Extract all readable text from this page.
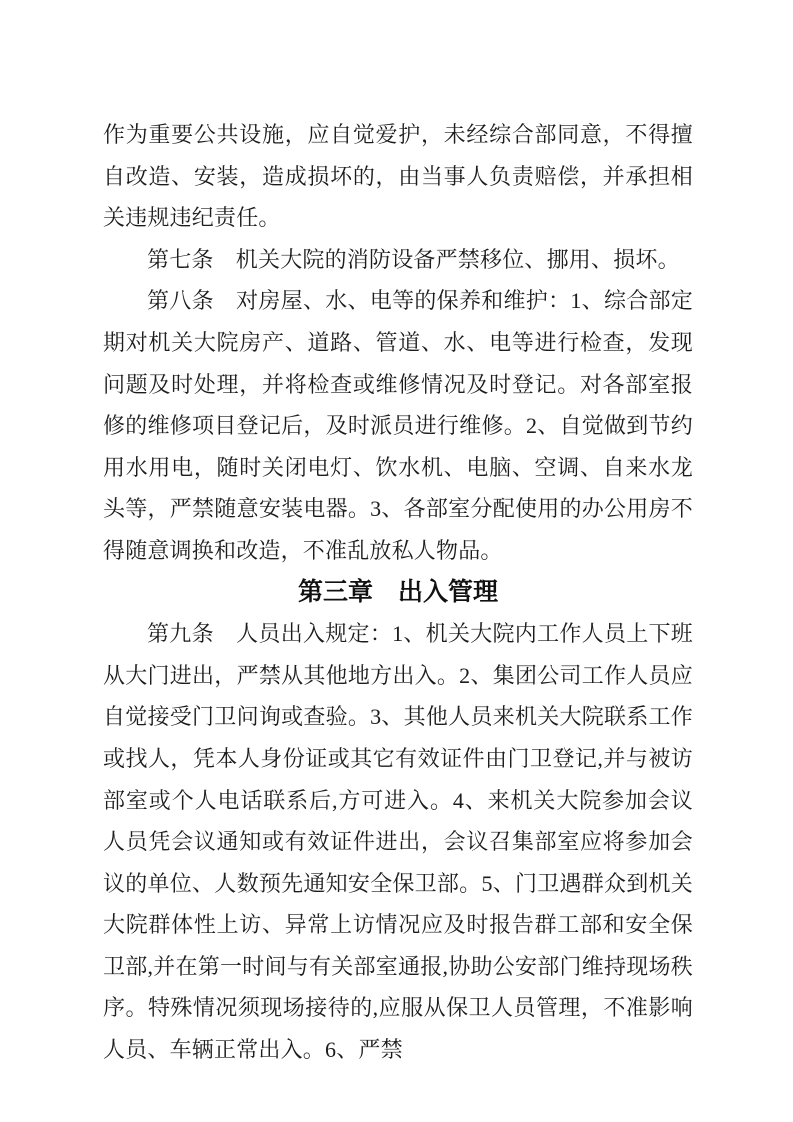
作为重要公共设施，应自觉爱护，未经综合部同意，不得擅自改造、安装，造成损坏的，由当事人负责赔偿，并承担相关违规违纪责任。

第七条　机关大院的消防设备严禁移位、挪用、损坏。

第八条　对房屋、水、电等的保养和维护：1、综合部定期对机关大院房产、道路、管道、水、电等进行检查，发现问题及时处理，并将检查或维修情况及时登记。对各部室报修的维修项目登记后，及时派员进行维修。2、自觉做到节约用水用电，随时关闭电灯、饮水机、电脑、空调、自来水龙头等，严禁随意安装电器。3、各部室分配使用的办公用房不得随意调换和改造，不准乱放私人物品。

第三章　出入管理

第九条　人员出入规定：1、机关大院内工作人员上下班从大门进出，严禁从其他地方出入。2、集团公司工作人员应自觉接受门卫问询或查验。3、其他人员来机关大院联系工作或找人，凭本人身份证或其它有效证件由门卫登记,并与被访部室或个人电话联系后,方可进入。4、来机关大院参加会议人员凭会议通知或有效证件进出，会议召集部室应将参加会议的单位、人数预先通知安全保卫部。5、门卫遇群众到机关大院群体性上访、异常上访情况应及时报告群工部和安全保卫部,并在第一时间与有关部室通报,协助公安部门维持现场秩序。特殊情况须现场接待的,应服从保卫人员管理，不准影响人员、车辆正常出入。6、严禁
